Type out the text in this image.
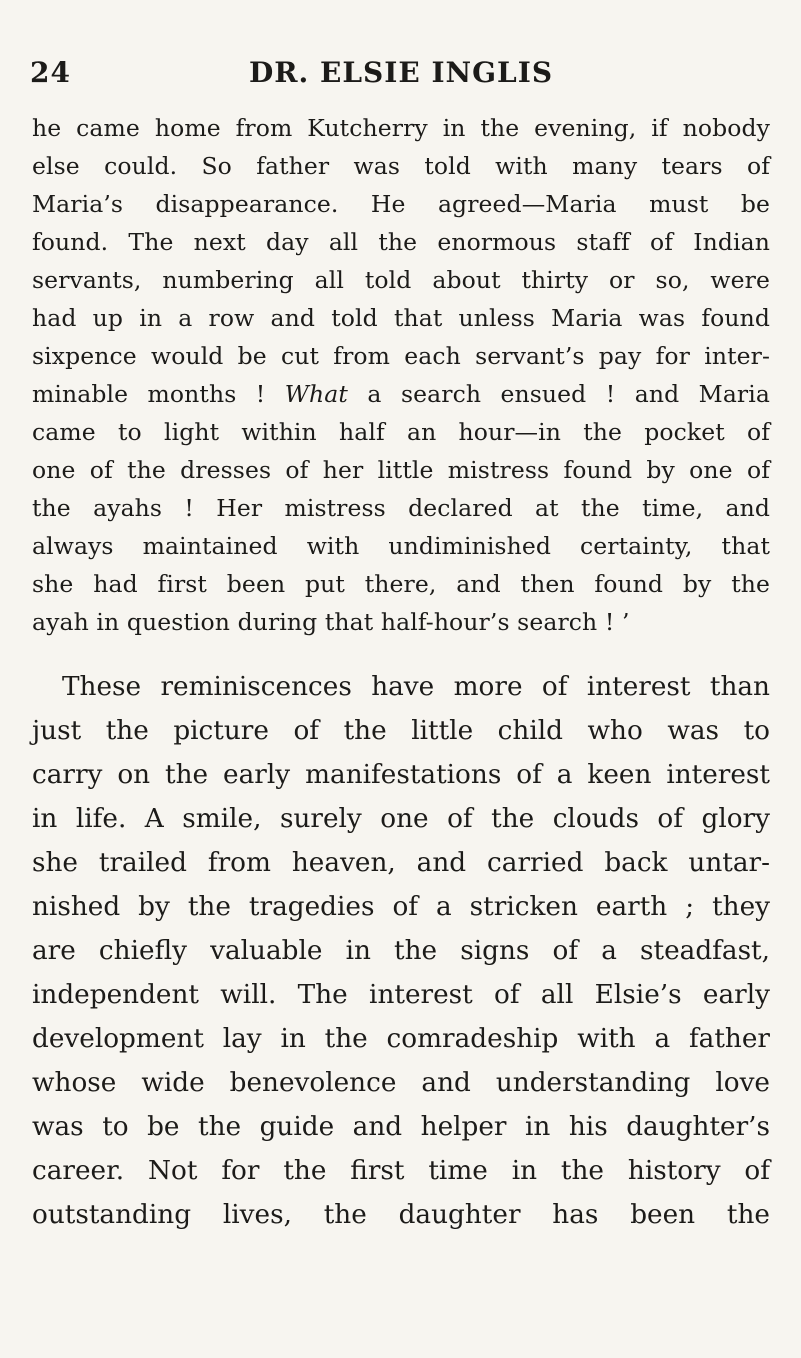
24	DR. ELSIE INGLIS
he came home from Kutcherry in the evening, if nobody
else could. So father was told with many tears of
Maria’s disappearance. He agreed—Maria must be
found. The next day all the enormous staff of Indian
servants, numbering all told about thirty or so, were
had up in a row and told that unless Maria was found
sixpence would be cut from each servant’s pay for inter-
minable months ! What a search ensued ! and Maria
came to light within half an hour—in the pocket of
one of the dresses of her little mistress found by one of
the ayahs ! Her mistress declared at the time, and
always maintained with undiminished certainty, that
she had first been put there, and then found by the
ayah in question during that half-hour’s search ! ’
These reminiscences have more of interest than
just the picture of the little child who was to
carry on the early manifestations of a keen interest
in life. A smile, surely one of the clouds of glory
she trailed from heaven, and carried back untar-
nished by the tragedies of a stricken earth ; they
are chiefly valuable in the signs of a steadfast,
independent will. The interest of all Elsie’s early
development lay in the comradeship with a father
whose wide benevolence and understanding love
was to be the guide and helper in his daughter’s
career. Not for the first time in the history of
outstanding lives, the daughter has been the
